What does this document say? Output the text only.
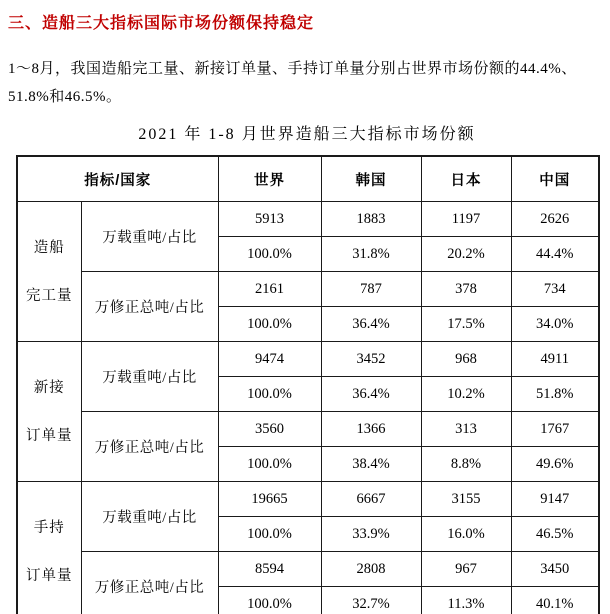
三、造船三大指标国际市场份额保持稳定

1～8月，我国造船完工量、新接订单量、手持订单量分别占世界市场份额的44.4%、51.8%和46.5%。

2021 年 1-8 月世界造船三大指标市场份额
指标/国家		世界	韩国	日本	中国

造船
完工量	万载重吨/占比	5913	1883	1197	2626
		100.0%	31.8%	20.2%	44.4%
	万修正总吨/占比	2161	787	378	734
		100.0%	36.4%	17.5%	34.0%

新接
订单量	万载重吨/占比	9474	3452	968	4911
		100.0%	36.4%	10.2%	51.8%
	万修正总吨/占比	3560	1366	313	1767
		100.0%	38.4%	8.8%	49.6%

手持
订单量	万载重吨/占比	19665	6667	3155	9147
		100.0%	33.9%	16.0%	46.5%
	万修正总吨/占比	8594	2808	967	3450
		100.0%	32.7%	11.3%	40.1%
